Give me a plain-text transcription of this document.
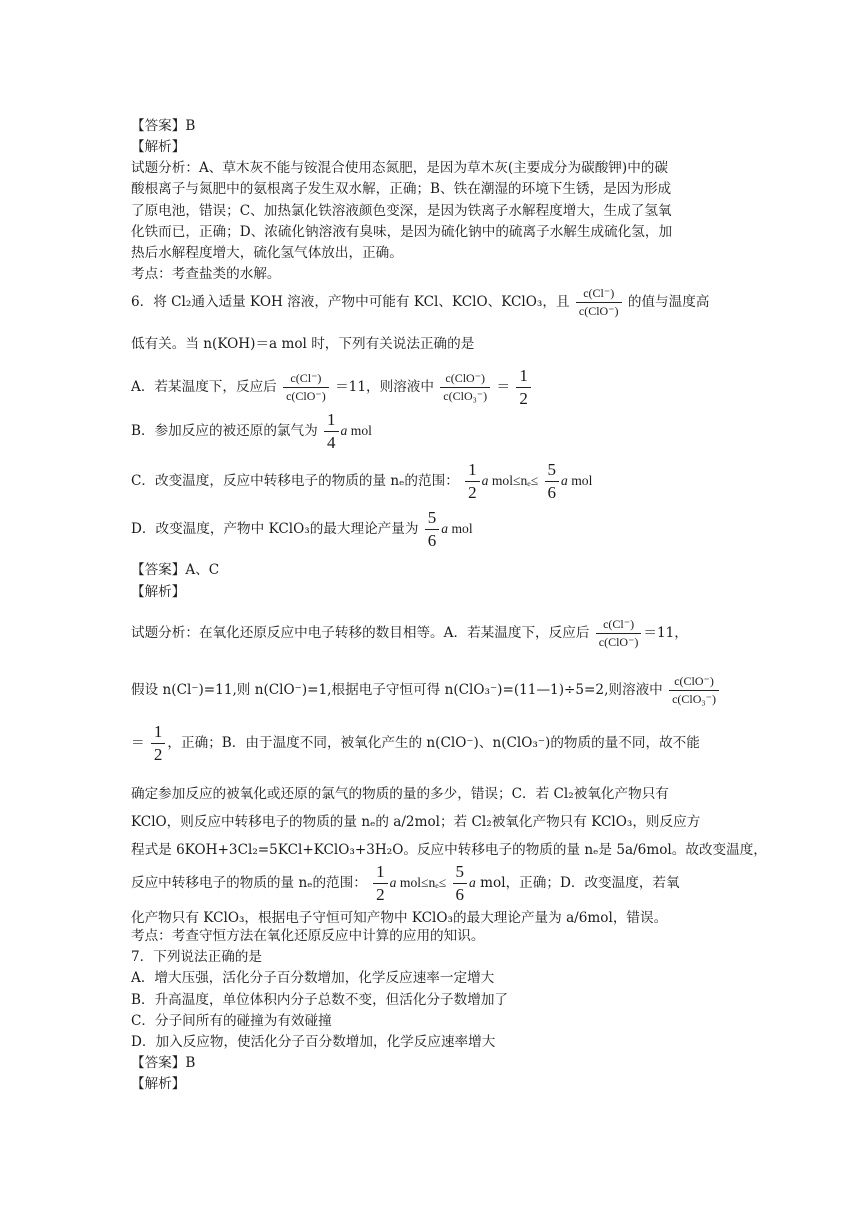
【答案】B
【解析】
试题分析：A、草木灰不能与铵混合使用态氮肥，是因为草木灰(主要成分为碳酸钾)中的碳
酸根离子与氮肥中的氨根离子发生双水解，正确；B、铁在潮湿的环境下生锈，是因为形成
了原电池，错误；C、加热氯化铁溶液颜色变深，是因为铁离子水解程度增大，生成了氢氧
化铁而已，正确；D、浓硫化钠溶液有臭味，是因为硫化钠中的硫离子水解生成硫化氢，加
热后水解程度增大，硫化氢气体放出，正确。
考点：考查盐类的水解。
6．将 Cl₂通入适量 KOH 溶液，产物中可能有 KCl、KClO、KClO₃，且 $\frac{c(Cl^-)}{\text{c(ClO⁻)}}$ 的值与温度高
低有关。当 n(KOH)＝a mol 时，下列有关说法正确的是
A．若某温度下，反应后 $\frac{c(Cl^-)}{\text{c(ClO⁻)}} =11$，则溶液中 $\frac{\text{c(ClO⁻)}}{\text{c(ClO₃⁻)}} = \frac{1}{2}$
B．参加反应的被还原的氯气为 $\frac{1}{4}$ a mol
C．改变温度，反应中转移电子的物质的量 nₑ的范围： $\frac{1}{2}$ a $mol\le n_e\le \frac{5}{6}$ a mol
D．改变温度，产物中 KClO₃的最大理论产量为 $\frac{5}{6}$ a mol
【答案】A、C
【解析】
试题分析：在氧化还原反应中电子转移的数目相等。A．若某温度下，反应后 $\frac{c(Cl^-)}{\text{c(ClO⁻)}} =11$，
假设 n(Cl⁻)=11,则 n(ClO⁻)=1,根据电子守恒可得 n(ClO₃⁻)=(11—1)÷5=2,则溶液中 $\frac{\text{c(ClO⁻)}}{\text{c(ClO₃⁻)}}$
＝ $\frac{1}{2}$ ，正确；B．由于温度不同，被氧化产生的 n(ClO⁻)、n(ClO₃⁻)的物质的量不同，故不能
确定参加反应的被氧化或还原的氯气的物质的量的多少，错误；C．若 Cl₂被氧化产物只有
KClO，则反应中转移电子的物质的量 nₑ的 a/2mol；若 Cl₂被氧化产物只有 KClO₃，则反应方
程式是 6KOH+3Cl₂=5KCl+KClO₃+3H₂O。反应中转移电子的物质的量 nₑ是 5a/6mol。故改变温度，
反应中转移电子的物质的量 nₑ的范围： $\frac{1}{2}$ a $mol\le n_e\le \frac{5}{6}$ a mol，正确；D．改变温度，若氧
化产物只有 KClO₃，根据电子守恒可知产物中 KClO₃的最大理论产量为 a/6mol，错误。
考点：考查守恒方法在氧化还原反应中计算的应用的知识。
7．下列说法正确的是
A．增大压强，活化分子百分数增加，化学反应速率一定增大
B．升高温度，单位体积内分子总数不变，但活化分子数增加了
C．分子间所有的碰撞为有效碰撞
D．加入反应物，使活化分子百分数增加，化学反应速率增大
【答案】B
【解析】
